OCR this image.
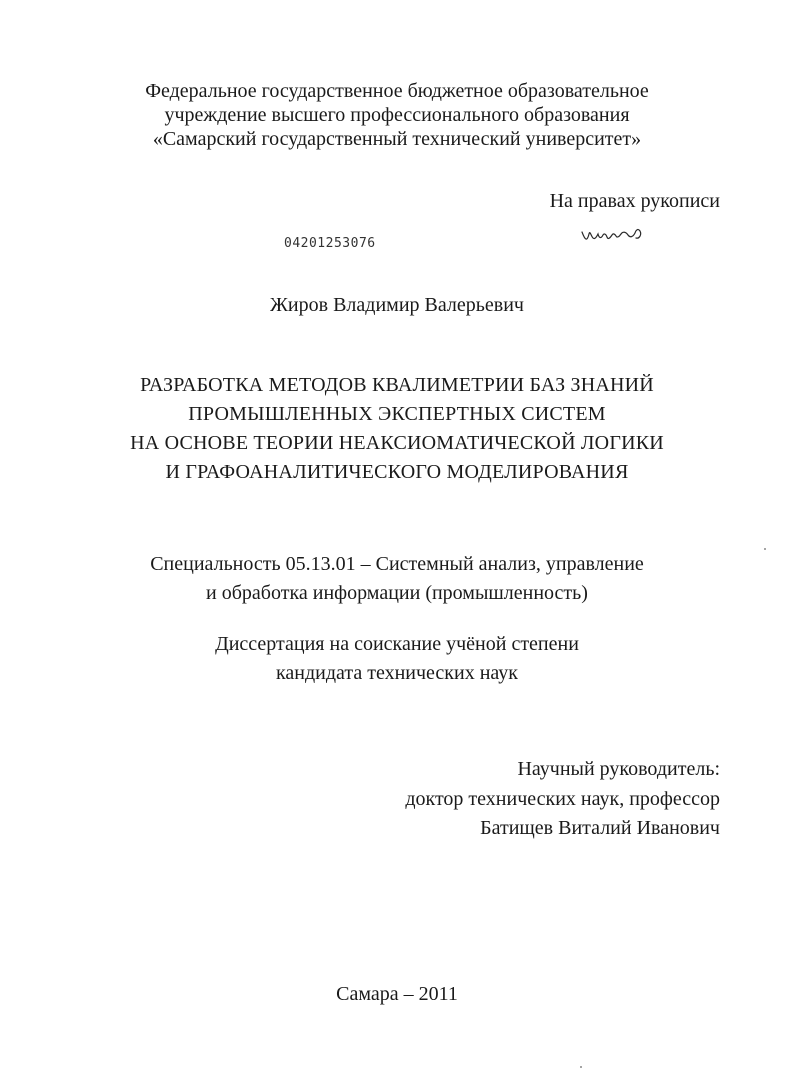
Федеральное государственное бюджетное образовательное
учреждение высшего профессионального образования
«Самарский государственный технический университет»
На правах рукописи
04201253076
Жиров Владимир Валерьевич
РАЗРАБОТКА МЕТОДОВ КВАЛИМЕТРИИ БАЗ ЗНАНИЙ
ПРОМЫШЛЕННЫХ ЭКСПЕРТНЫХ СИСТЕМ
НА ОСНОВЕ ТЕОРИИ НЕАКСИОМАТИЧЕСКОЙ ЛОГИКИ
И ГРАФОАНАЛИТИЧЕСКОГО МОДЕЛИРОВАНИЯ
Специальность 05.13.01 – Системный анализ, управление
и обработка информации (промышленность)
Диссертация на соискание учёной степени
кандидата технических наук
Научный руководитель:
доктор технических наук, профессор
Батищев Виталий Иванович
Самара – 2011
